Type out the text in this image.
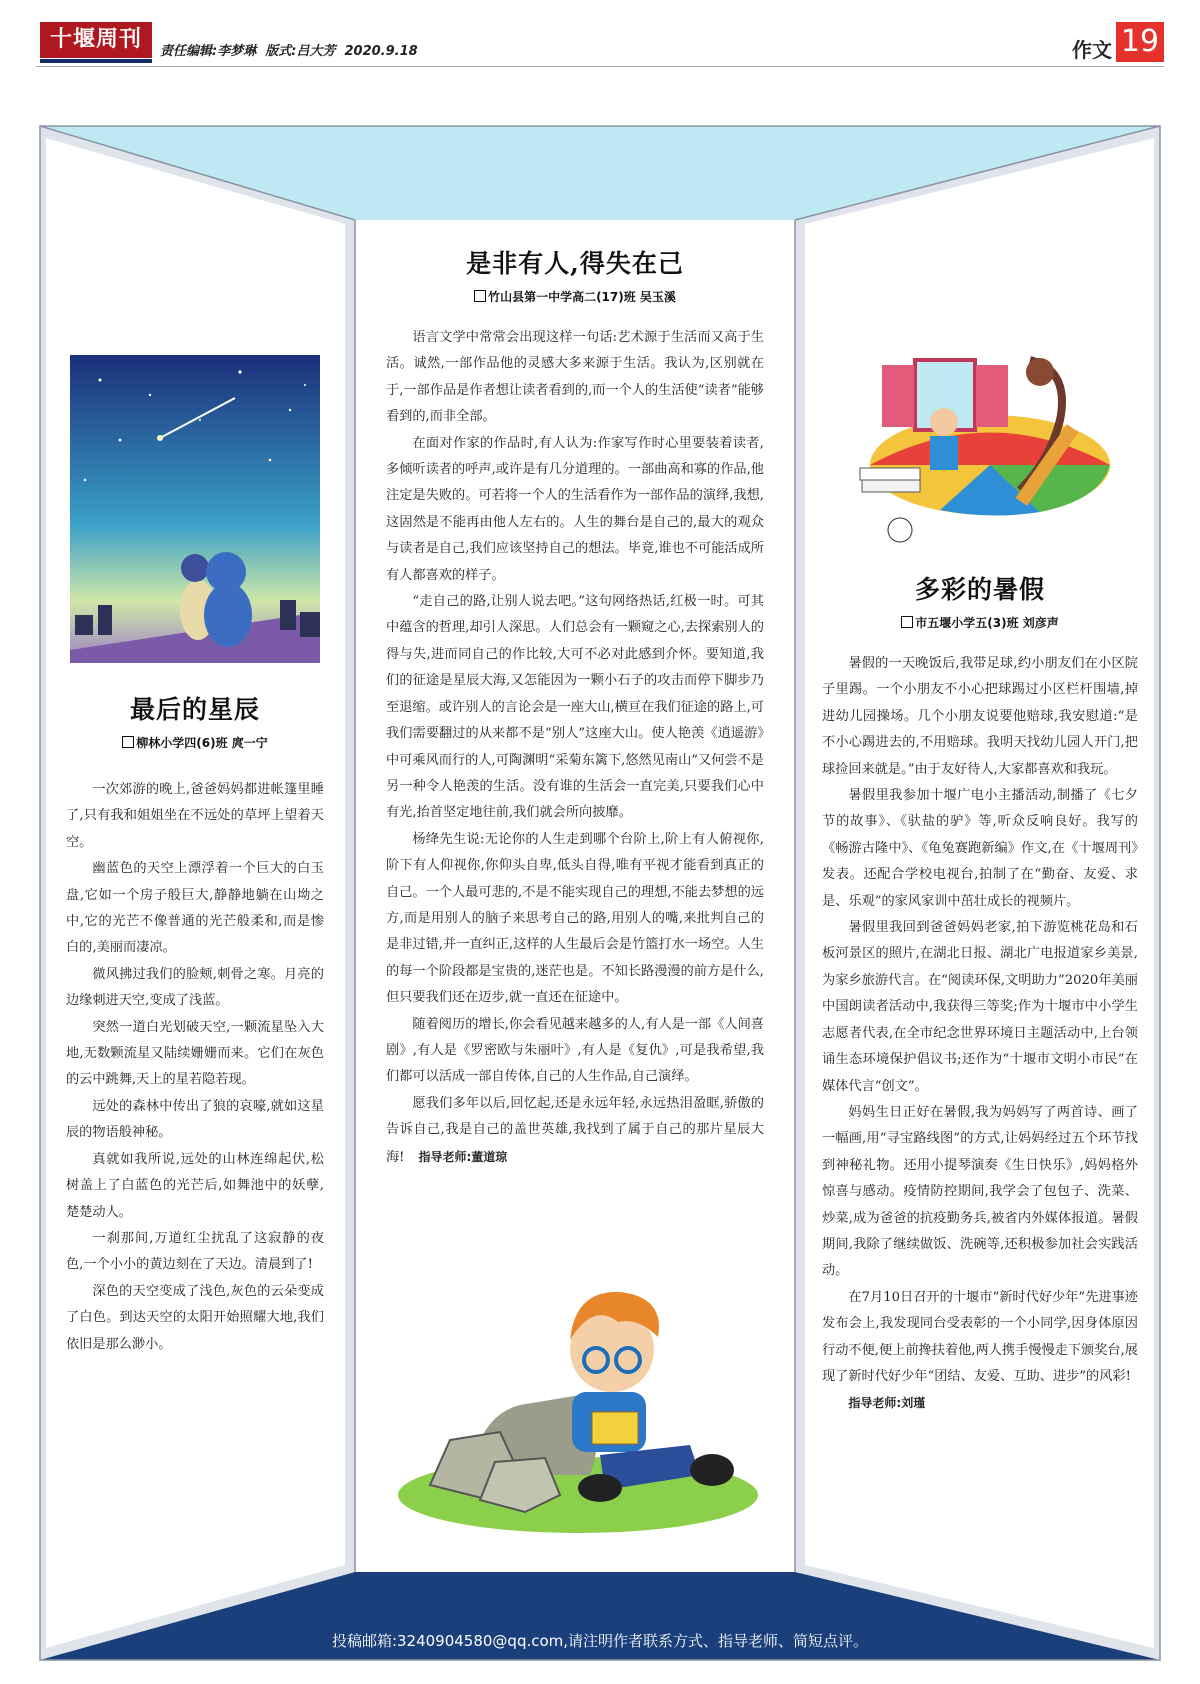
十堰周刊	责任编辑:李梦琳  版式:吕大芳  2020.9.18	作文 19
最后的星辰
柳林小学四(6)班 庹一宁

一次郊游的晚上,爸爸妈妈都进帐篷里睡了,只有我和姐姐坐在不远处的草坪上望着天空。

幽蓝色的天空上漂浮着一个巨大的白玉盘,它如一个房子般巨大,静静地躺在山坳之中,它的光芒不像普通的光芒般柔和,而是惨白的,美丽而凄凉。

微风拂过我们的脸颊,刺骨之寒。月亮的边缘刺进天空,变成了浅蓝。

突然一道白光划破天空,一颗流星坠入大地,无数颗流星又陆续姗姗而来。它们在灰色的云中跳舞,天上的星若隐若现。

远处的森林中传出了狼的哀嚎,就如这星辰的物语般神秘。

真就如我所说,远处的山林连绵起伏,松树盖上了白蓝色的光芒后,如舞池中的妖孽,楚楚动人。

一刹那间,万道红尘扰乱了这寂静的夜色,一个小小的黄边刻在了天边。清晨到了!

深色的天空变成了浅色,灰色的云朵变成了白色。到达天空的太阳开始照耀大地,我们依旧是那么渺小。

是非有人,得失在己
竹山县第一中学高二(17)班 吴玉溪

语言文学中常常会出现这样一句话:艺术源于生活而又高于生活。诚然,一部作品他的灵感大多来源于生活。我认为,区别就在于,一部作品是作者想让读者看到的,而一个人的生活使“读者”能够看到的,而非全部。

在面对作家的作品时,有人认为:作家写作时心里要装着读者,多倾听读者的呼声,或许是有几分道理的。一部曲高和寡的作品,他注定是失败的。可若将一个人的生活看作为一部作品的演绎,我想,这固然是不能再由他人左右的。人生的舞台是自己的,最大的观众与读者是自己,我们应该坚持自己的想法。毕竟,谁也不可能活成所有人都喜欢的样子。

“走自己的路,让别人说去吧。”这句网络热话,红极一时。可其中蕴含的哲理,却引人深思。人们总会有一颗窥之心,去探索别人的得与失,进而同自己的作比较,大可不必对此感到介怀。要知道,我们的征途是星辰大海,又怎能因为一颗小石子的攻击而停下脚步乃至退缩。或许别人的言论会是一座大山,横亘在我们征途的路上,可我们需要翻过的从来都不是“别人”这座大山。使人艳羡《逍遥游》中可乘风而行的人,可陶渊明“采菊东篱下,悠然见南山”又何尝不是另一种令人艳羡的生活。没有谁的生活会一直完美,只要我们心中有光,抬首坚定地往前,我们就会所向披靡。

杨绛先生说:无论你的人生走到哪个台阶上,阶上有人俯视你,阶下有人仰视你,你仰头自卑,低头自得,唯有平视才能看到真正的自己。一个人最可悲的,不是不能实现自己的理想,不能去梦想的远方,而是用别人的脑子来思考自己的路,用别人的嘴,来批判自己的是非过错,并一直纠正,这样的人生最后会是竹篮打水一场空。人生的每一个阶段都是宝贵的,迷茫也是。不知长路漫漫的前方是什么,但只要我们还在迈步,就一直还在征途中。

随着阅历的增长,你会看见越来越多的人,有人是一部《人间喜剧》,有人是《罗密欧与朱丽叶》,有人是《复仇》,可是我希望,我们都可以活成一部自传体,自己的人生作品,自己演绎。

愿我们多年以后,回忆起,还是永远年轻,永远热泪盈眶,骄傲的告诉自己,我是自己的盖世英雄,我找到了属于自己的那片星辰大海! 指导老师:董道琼

多彩的暑假
市五堰小学五(3)班 刘彦声

暑假的一天晚饭后,我带足球,约小朋友们在小区院子里踢。一个小朋友不小心把球踢过小区栏杆围墙,掉进幼儿园操场。几个小朋友说要他赔球,我安慰道:“是不小心踢进去的,不用赔球。我明天找幼儿园人开门,把球捡回来就是。”由于友好待人,大家都喜欢和我玩。

暑假里我参加十堰广电小主播活动,制播了《七夕节的故事》、《驮盐的驴》等,听众反响良好。我写的《畅游古隆中》、《龟兔赛跑新编》作文,在《十堰周刊》发表。还配合学校电视台,拍制了在“勤奋、友爱、求是、乐观”的家风家训中茁壮成长的视频片。

暑假里我回到爸爸妈妈老家,拍下游览桃花岛和石板河景区的照片,在湖北日报、湖北广电报道家乡美景,为家乡旅游代言。在“阅读环保,文明助力”2020年美丽中国朗读者活动中,我获得三等奖;作为十堰市中小学生志愿者代表,在全市纪念世界环境日主题活动中,上台领诵生态环境保护倡议书;还作为“十堰市文明小市民”在媒体代言“创文”。

妈妈生日正好在暑假,我为妈妈写了两首诗、画了一幅画,用“寻宝路线图”的方式,让妈妈经过五个环节找到神秘礼物。还用小提琴演奏《生日快乐》,妈妈格外惊喜与感动。疫情防控期间,我学会了包包子、洗菜、炒菜,成为爸爸的抗疫勤务兵,被省内外媒体报道。暑假期间,我除了继续做饭、洗碗等,还积极参加社会实践活动。

在7月10日召开的十堰市“新时代好少年”先进事迹发布会上,我发现同台受表彰的一个小同学,因身体原因行动不便,便上前搀扶着他,两人携手慢慢走下颁奖台,展现了新时代好少年“团结、友爱、互助、进步”的风彩!

指导老师:刘瑾

投稿邮箱:3240904580@qq.com,请注明作者联系方式、指导老师、简短点评。
